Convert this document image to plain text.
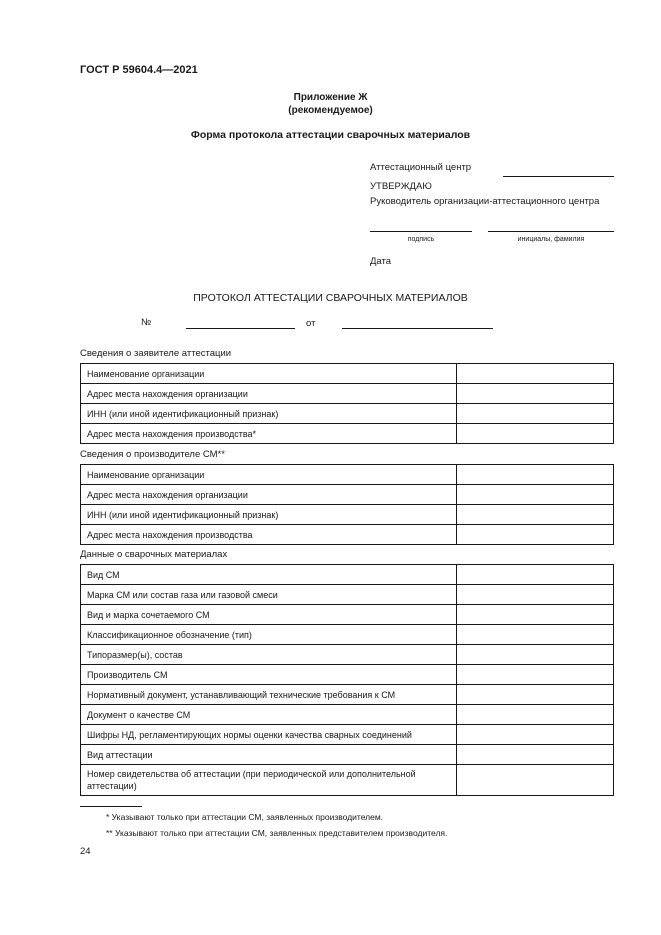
ГОСТ Р 59604.4—2021
Приложение Ж
(рекомендуемое)
Форма протокола аттестации сварочных материалов
Аттестационный центр
УТВЕРЖДАЮ
Руководитель организации-аттестационного центра
подпись	инициалы, фамилия
Дата
ПРОТОКОЛ АТТЕСТАЦИИ СВАРОЧНЫХ МАТЕРИАЛОВ
№	от
Сведения о заявителе аттестации
Наименование организации	
Адрес места нахождения организации	
ИНН (или иной идентификационный признак)	
Адрес места нахождения производства*	
Сведения о производителе СМ**
Наименование организации	
Адрес места нахождения организации	
ИНН (или иной идентификационный признак)	
Адрес места нахождения производства	
Данные о сварочных материалах
Вид СМ	
Марка СМ или состав газа или газовой смеси	
Вид и марка сочетаемого СМ	
Классификационное обозначение (тип)	
Типоразмер(ы), состав	
Производитель СМ	
Нормативный документ, устанавливающий технические требования к СМ	
Документ о качестве СМ	
Шифры НД, регламентирующих нормы оценки качества сварных соединений	
Вид аттестации	
Номер свидетельства об аттестации (при периодической или дополнительной аттестации)	
* Указывают только при аттестации СМ, заявленных производителем.
** Указывают только при аттестации СМ, заявленных представителем производителя.
24
